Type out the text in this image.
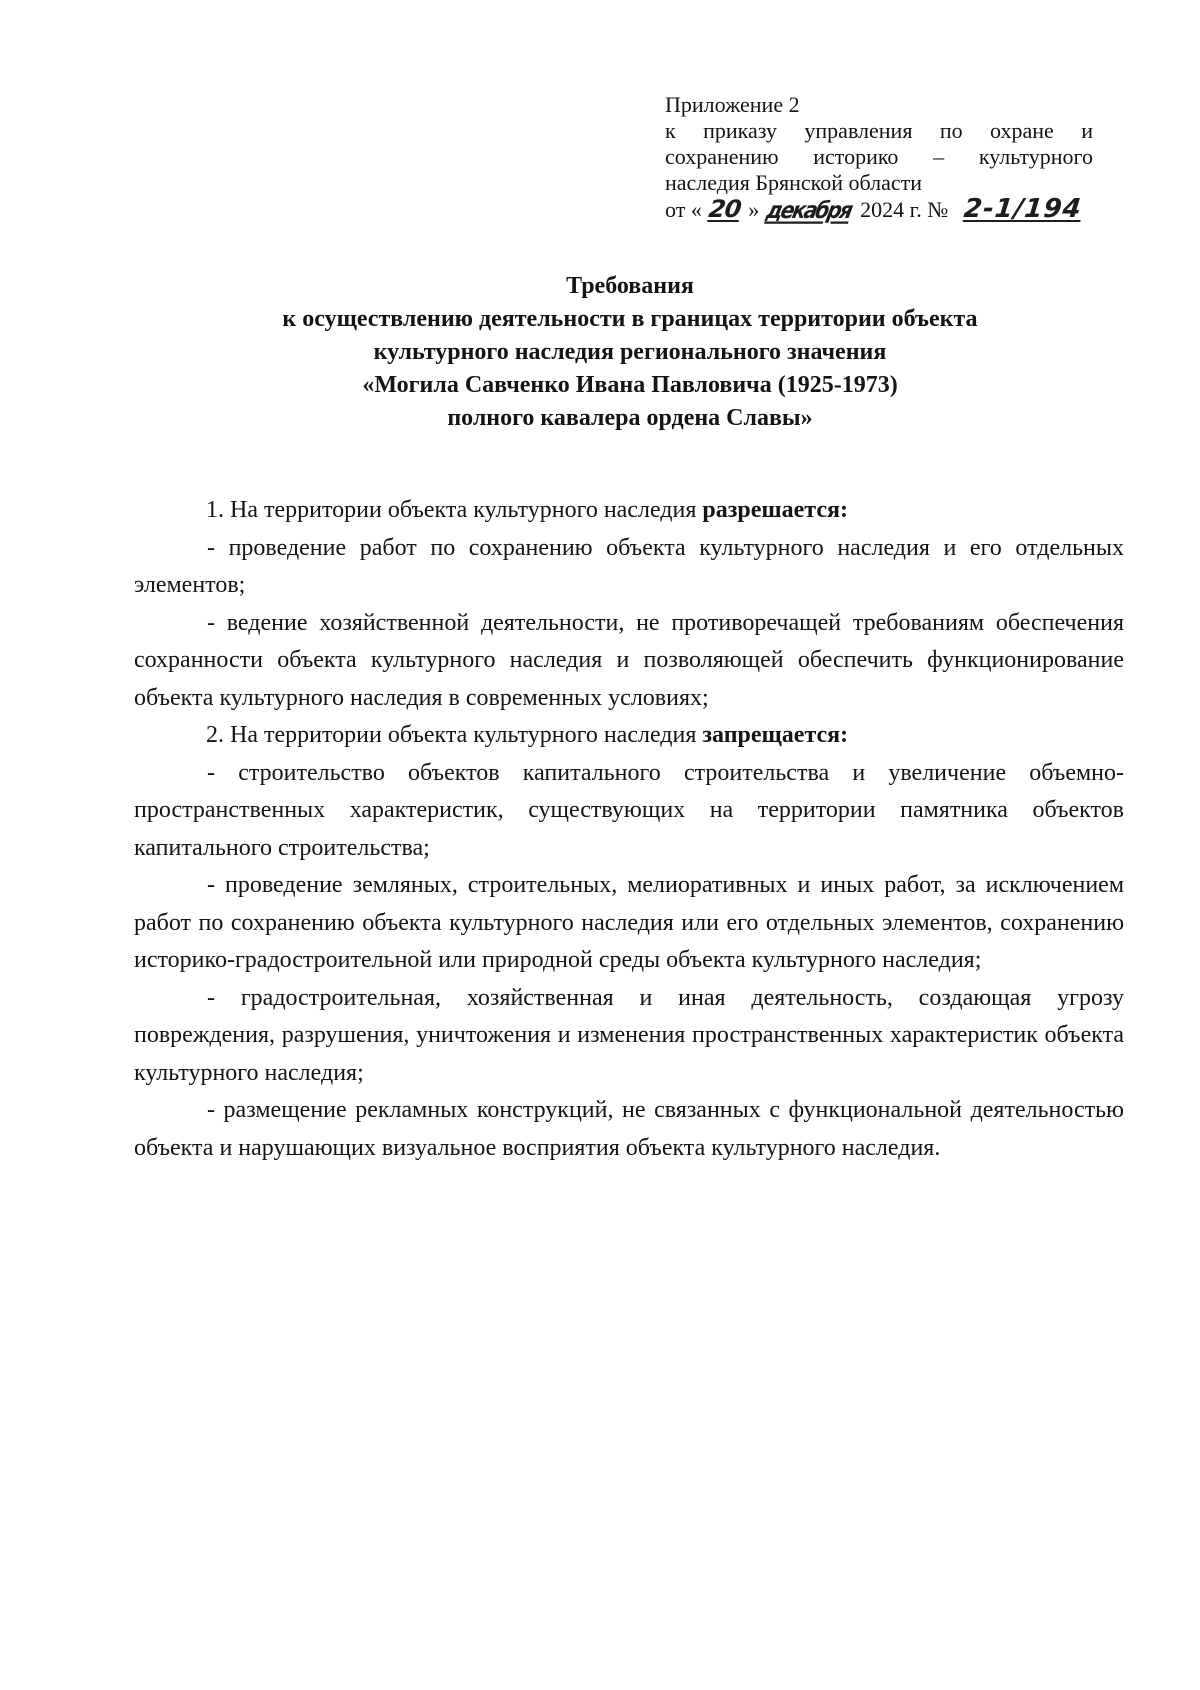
Приложение 2
к приказу управления по охране и
сохранению историко – культурного
наследия Брянской области
от « 20 » декабря 2024 г. № 2-1/194
Требования
к осуществлению деятельности в границах территории объекта
культурного наследия регионального значения
«Могила Савченко Ивана Павловича (1925-1973)
полного кавалера ордена Славы»

1. На территории объекта культурного наследия разрешается:

- проведение работ по сохранению объекта культурного наследия и его отдельных элементов;

- ведение хозяйственной деятельности, не противоречащей требованиям обеспечения сохранности объекта культурного наследия и позволяющей обеспечить функционирование объекта культурного наследия в современных условиях;

2. На территории объекта культурного наследия запрещается:

- строительство объектов капитального строительства и увеличение объемно-пространственных характеристик, существующих на территории памятника объектов капитального строительства;

- проведение земляных, строительных, мелиоративных и иных работ, за исключением работ по сохранению объекта культурного наследия или его отдельных элементов, сохранению историко-градостроительной или природной среды объекта культурного наследия;

- градостроительная, хозяйственная и иная деятельность, создающая угрозу повреждения, разрушения, уничтожения и изменения пространственных характеристик объекта культурного наследия;

- размещение рекламных конструкций, не связанных с функциональной деятельностью объекта и нарушающих визуальное восприятия объекта культурного наследия.
